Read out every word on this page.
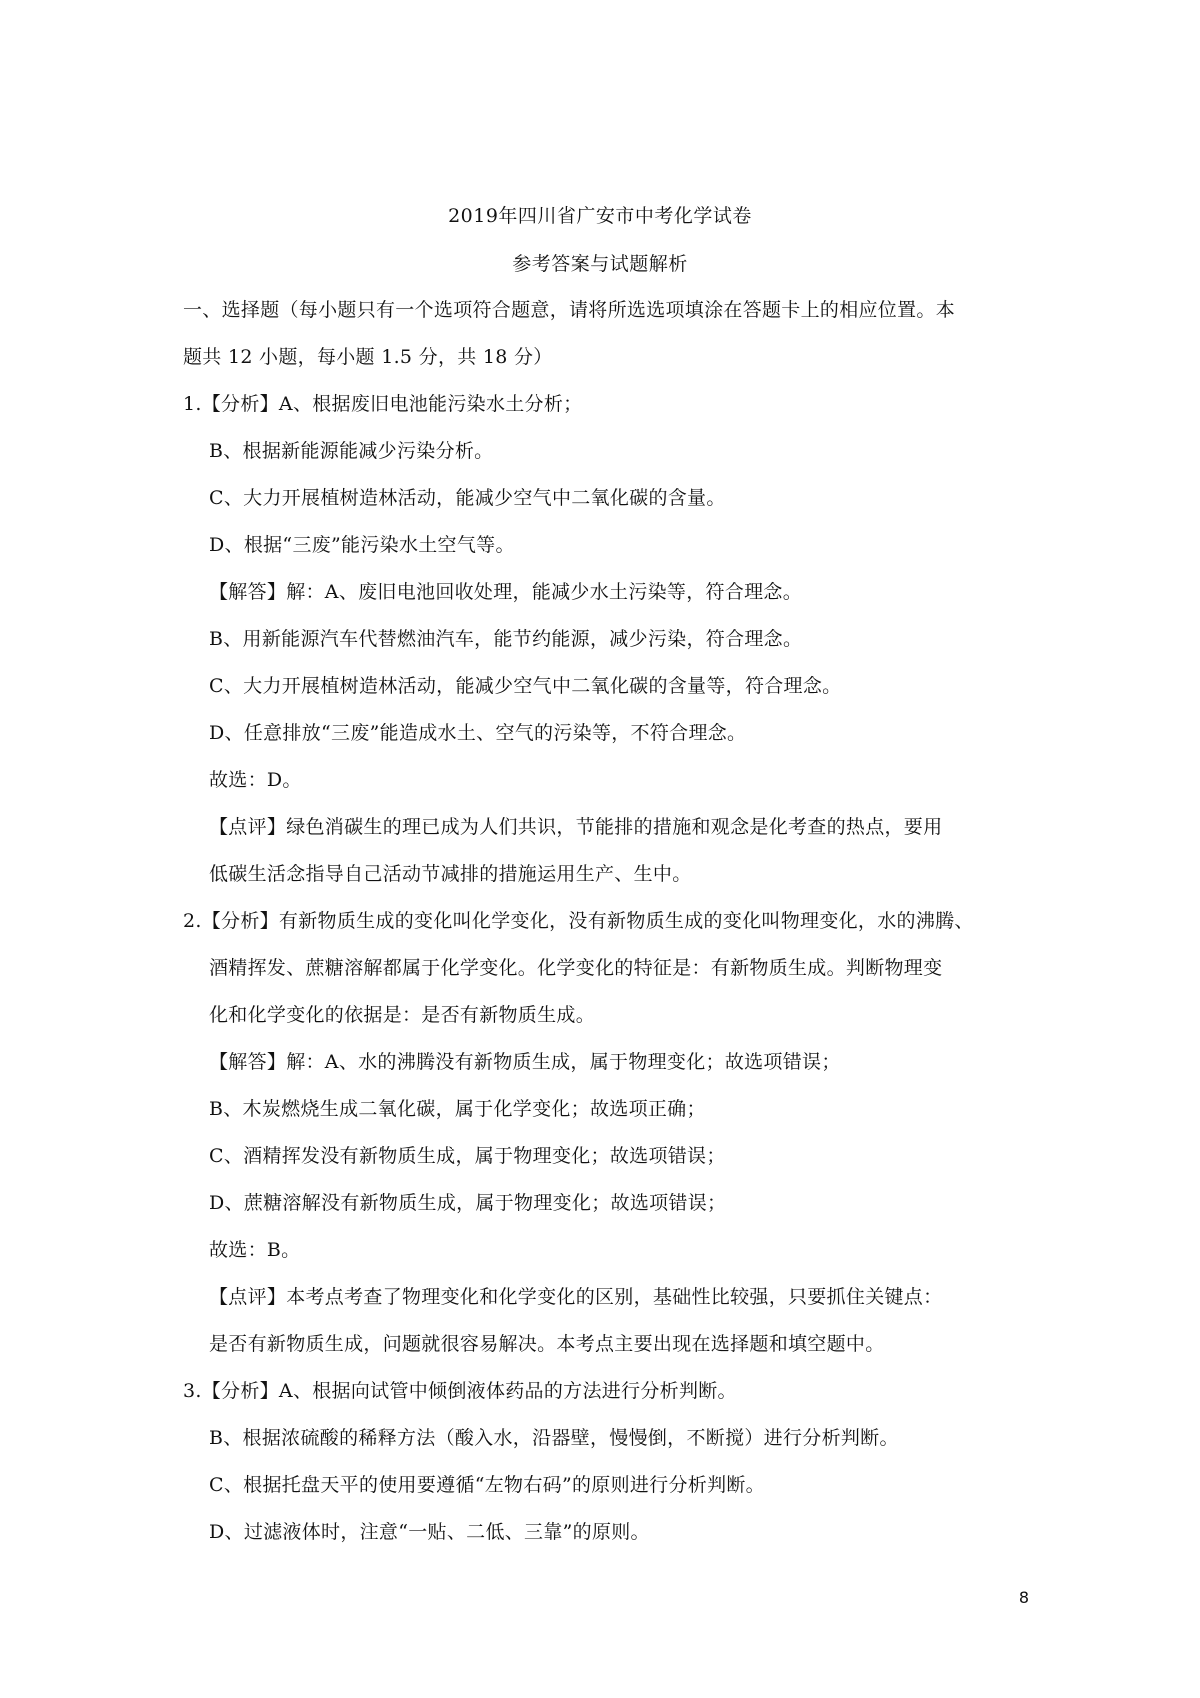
2019年四川省广安市中考化学试卷
参考答案与试题解析
一、选择题（每小题只有一个选项符合题意，请将所选选项填涂在答题卡上的相应位置。本
题共 12 小题，每小题 1.5 分，共 18 分）
1.【分析】A、根据废旧电池能污染水土分析；
B、根据新能源能减少污染分析。
C、大力开展植树造林活动，能减少空气中二氧化碳的含量。
D、根据“三废”能污染水土空气等。
【解答】解：A、废旧电池回收处理，能减少水土污染等，符合理念。
B、用新能源汽车代替燃油汽车，能节约能源，减少污染，符合理念。
C、大力开展植树造林活动，能减少空气中二氧化碳的含量等，符合理念。
D、任意排放“三废”能造成水土、空气的污染等，不符合理念。
故选：D。
【点评】绿色消碳生的理已成为人们共识，节能排的措施和观念是化考查的热点，要用
低碳生活念指导自己活动节减排的措施运用生产、生中。
2.【分析】有新物质生成的变化叫化学变化，没有新物质生成的变化叫物理变化，水的沸腾、
酒精挥发、蔗糖溶解都属于化学变化。化学变化的特征是：有新物质生成。判断物理变
化和化学变化的依据是：是否有新物质生成。
【解答】解：A、水的沸腾没有新物质生成，属于物理变化；故选项错误；
B、木炭燃烧生成二氧化碳，属于化学变化；故选项正确；
C、酒精挥发没有新物质生成，属于物理变化；故选项错误；
D、蔗糖溶解没有新物质生成，属于物理变化；故选项错误；
故选：B。
【点评】本考点考查了物理变化和化学变化的区别，基础性比较强，只要抓住关键点：
是否有新物质生成，问题就很容易解决。本考点主要出现在选择题和填空题中。
3.【分析】A、根据向试管中倾倒液体药品的方法进行分析判断。
B、根据浓硫酸的稀释方法（酸入水，沿器壁，慢慢倒，不断搅）进行分析判断。
C、根据托盘天平的使用要遵循“左物右码”的原则进行分析判断。
D、过滤液体时，注意“一贴、二低、三靠”的原则。
8
